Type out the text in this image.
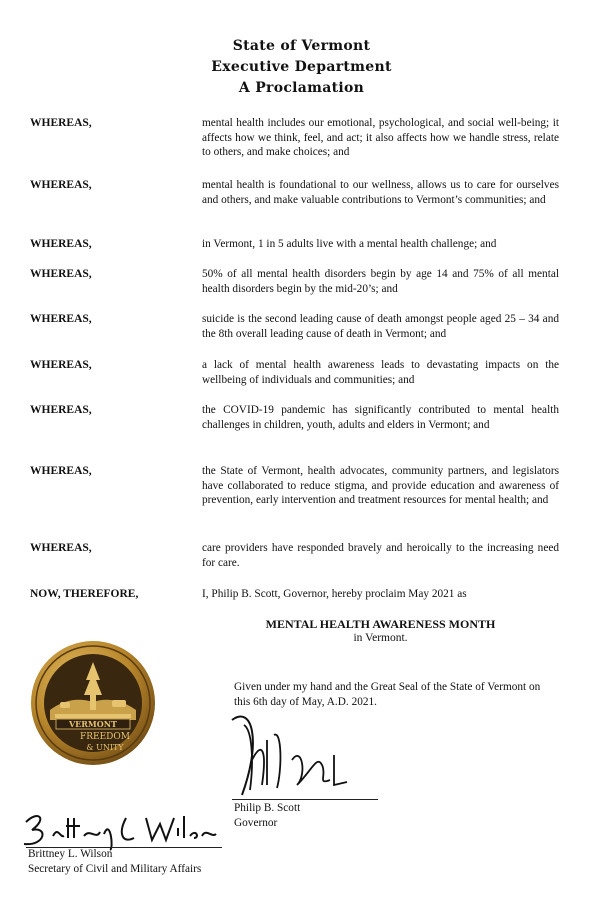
State of Vermont
Executive Department
A Proclamation
WHEREAS,	mental health includes our emotional, psychological, and social well-being; it affects how we think, feel, and act; it also affects how we handle stress, relate to others, and make choices; and
WHEREAS,	mental health is foundational to our wellness, allows us to care for ourselves and others, and make valuable contributions to Vermont’s communities; and
WHEREAS,	in Vermont, 1 in 5 adults live with a mental health challenge; and
WHEREAS,	50% of all mental health disorders begin by age 14 and 75% of all mental health disorders begin by the mid-20’s; and
WHEREAS,	suicide is the second leading cause of death amongst people aged 25 – 34 and the 8th overall leading cause of death in Vermont; and
WHEREAS,	a lack of mental health awareness leads to devastating impacts on the wellbeing of individuals and communities; and
WHEREAS,	the COVID-19 pandemic has significantly contributed to mental health challenges in children, youth, adults and elders in Vermont; and
WHEREAS,	the State of Vermont, health advocates, community partners, and legislators have collaborated to reduce stigma, and provide education and awareness of prevention, early intervention and treatment resources for mental health; and
WHEREAS,	care providers have responded bravely and heroically to the increasing need for care.
NOW, THEREFORE,	I, Philip B. Scott, Governor, hereby proclaim May 2021 as
MENTAL HEALTH AWARENESS MONTH
in Vermont.
Given under my hand and the Great Seal of the State of Vermont on this 6th day of May, A.D. 2021.
VERMONT
FREEDOM
& UNITY
Philip B. Scott
Governor
Brittney L. Wilson
Secretary of Civil and Military Affairs
